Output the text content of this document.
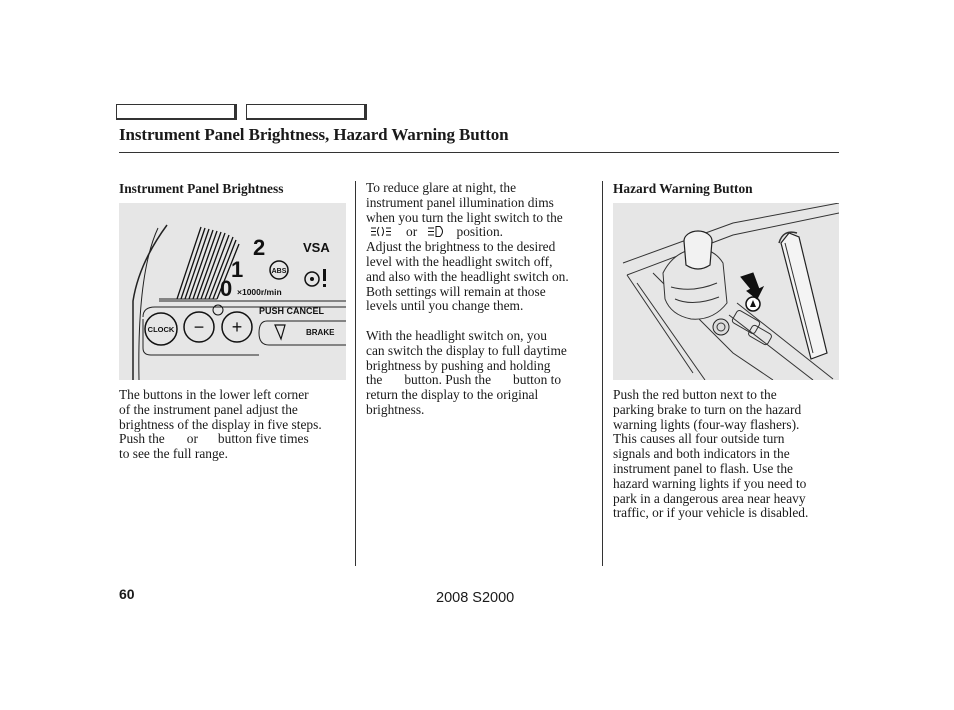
Instrument Panel Brightness, Hazard Warning Button
Instrument Panel Brightness
2
1
0 ×1000r/min
VSA
ABS
PUSH CANCEL
BRAKE
CLOCK − +
The buttons in the lower left corner
of the instrument panel adjust the
brightness of the display in five steps.
Push the or button five times
to see the full range.
To reduce glare at night, the
instrument panel illumination dims
when you turn the light switch to the
or	position.
Adjust the brightness to the desired
level with the headlight switch off,
and also with the headlight switch on.
Both settings will remain at those
levels until you change them.
With the headlight switch on, you
can switch the display to full daytime
brightness by pushing and holding
the button. Push the button to
return the display to the original
brightness.
Hazard Warning Button
Push the red button next to the
parking brake to turn on the hazard
warning lights (four-way flashers).
This causes all four outside turn
signals and both indicators in the
instrument panel to flash. Use the
hazard warning lights if you need to
park in a dangerous area near heavy
traffic, or if your vehicle is disabled.
60	2008 S2000
